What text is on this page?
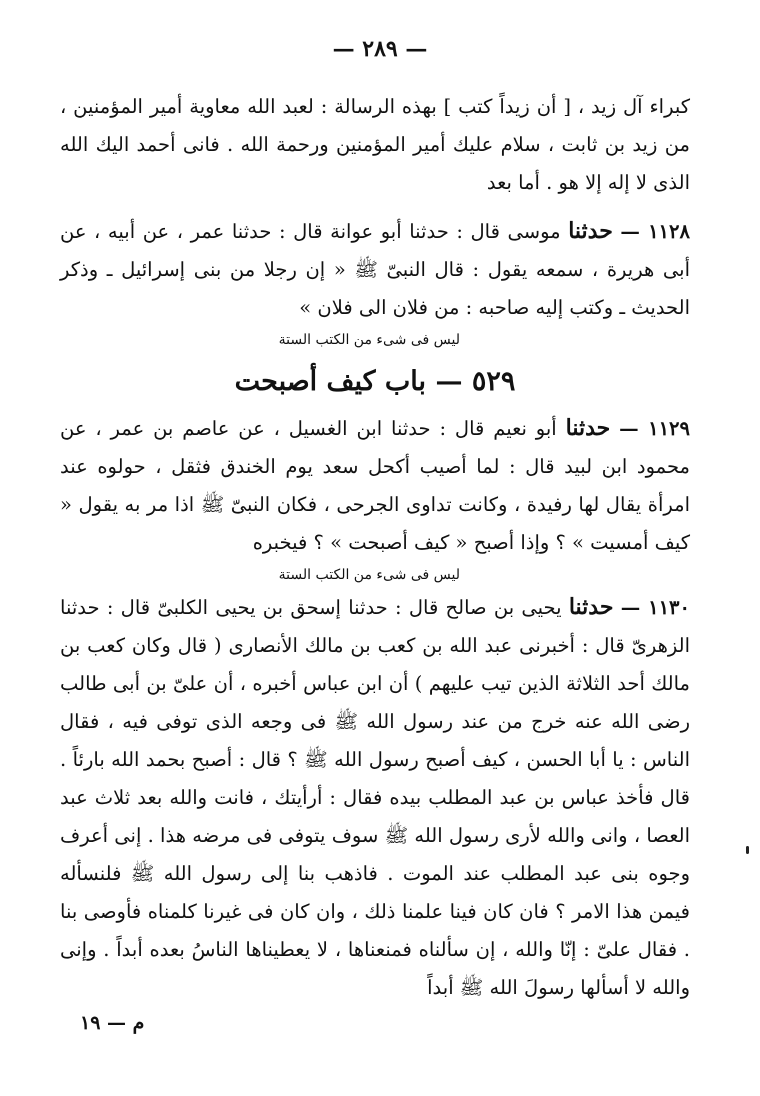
— ٢٨٩ —

كبراء آل زيد ، [ أن زيداً كتب ] بهذه الرسالة : لعبد الله معاوية أمير المؤمنين ، من زيد بن ثابت ، سلام عليك أمير المؤمنين ورحمة الله . فانى أحمد اليك الله الذى لا إله إلا هو . أما بعد

١١٢٨ — حدثنا موسى قال : حدثنا أبو عوانة قال : حدثنا عمر ، عن أبيه ، عن أبى هريرة ، سمعه يقول : قال النبىّ ﷺ « إن رجلا من بنى إسرائيل ـ وذكر الحديث ـ وكتب إليه صاحبه : من فلان الى فلان »

ليس فى شىء من الكتب الستة

٥٢٩ — باب كيف أصبحت

١١٢٩ — حدثنا أبو نعيم قال : حدثنا ابن الغسيل ، عن عاصم بن عمر ، عن محمود ابن لبيد قال : لما أصيب أكحل سعد يوم الخندق فثقل ، حولوه عند امرأة يقال لها رفيدة ، وكانت تداوى الجرحى ، فكان النبىّ ﷺ اذا مر به يقول « كيف أمسيت » ؟ وإذا أصبح « كيف أصبحت » ؟ فيخبره

ليس فى شىء من الكتب الستة

١١٣٠ — حدثنا يحيى بن صالح قال : حدثنا إسحق بن يحيى الكلبىّ قال : حدثنا الزهرىّ قال : أخبرنى عبد الله بن كعب بن مالك الأنصارى ( قال وكان كعب بن مالك أحد الثلاثة الذين تيب عليهم ) أن ابن عباس أخبره ، أن علىّ بن أبى طالب رضى الله عنه خرج من عند رسول الله ﷺ فى وجعه الذى توفى فيه ، فقال الناس : يا أبا الحسن ، كيف أصبح رسول الله ﷺ ؟ قال : أصبح بحمد الله بارئاً . قال فأخذ عباس بن عبد المطلب بيده فقال : أرأيتك ، فانت والله بعد ثلاث عبد العصا ، وانى والله لأرى رسول الله ﷺ سوف يتوفى فى مرضه هذا . إنى أعرف وجوه بنى عبد المطلب عند الموت . فاذهب بنا إلى رسول الله ﷺ فلنسأله فيمن هذا الامر ؟ فان كان فينا علمنا ذلك ، وان كان فى غيرنا كلمناه فأوصى بنا . فقال علىّ : إنّا والله ، إن سألناه فمنعناها ، لا يعطيناها الناسُ بعده أبداً . وإنى والله لا أسألها رسولَ الله ﷺ أبداً

م — ١٩
